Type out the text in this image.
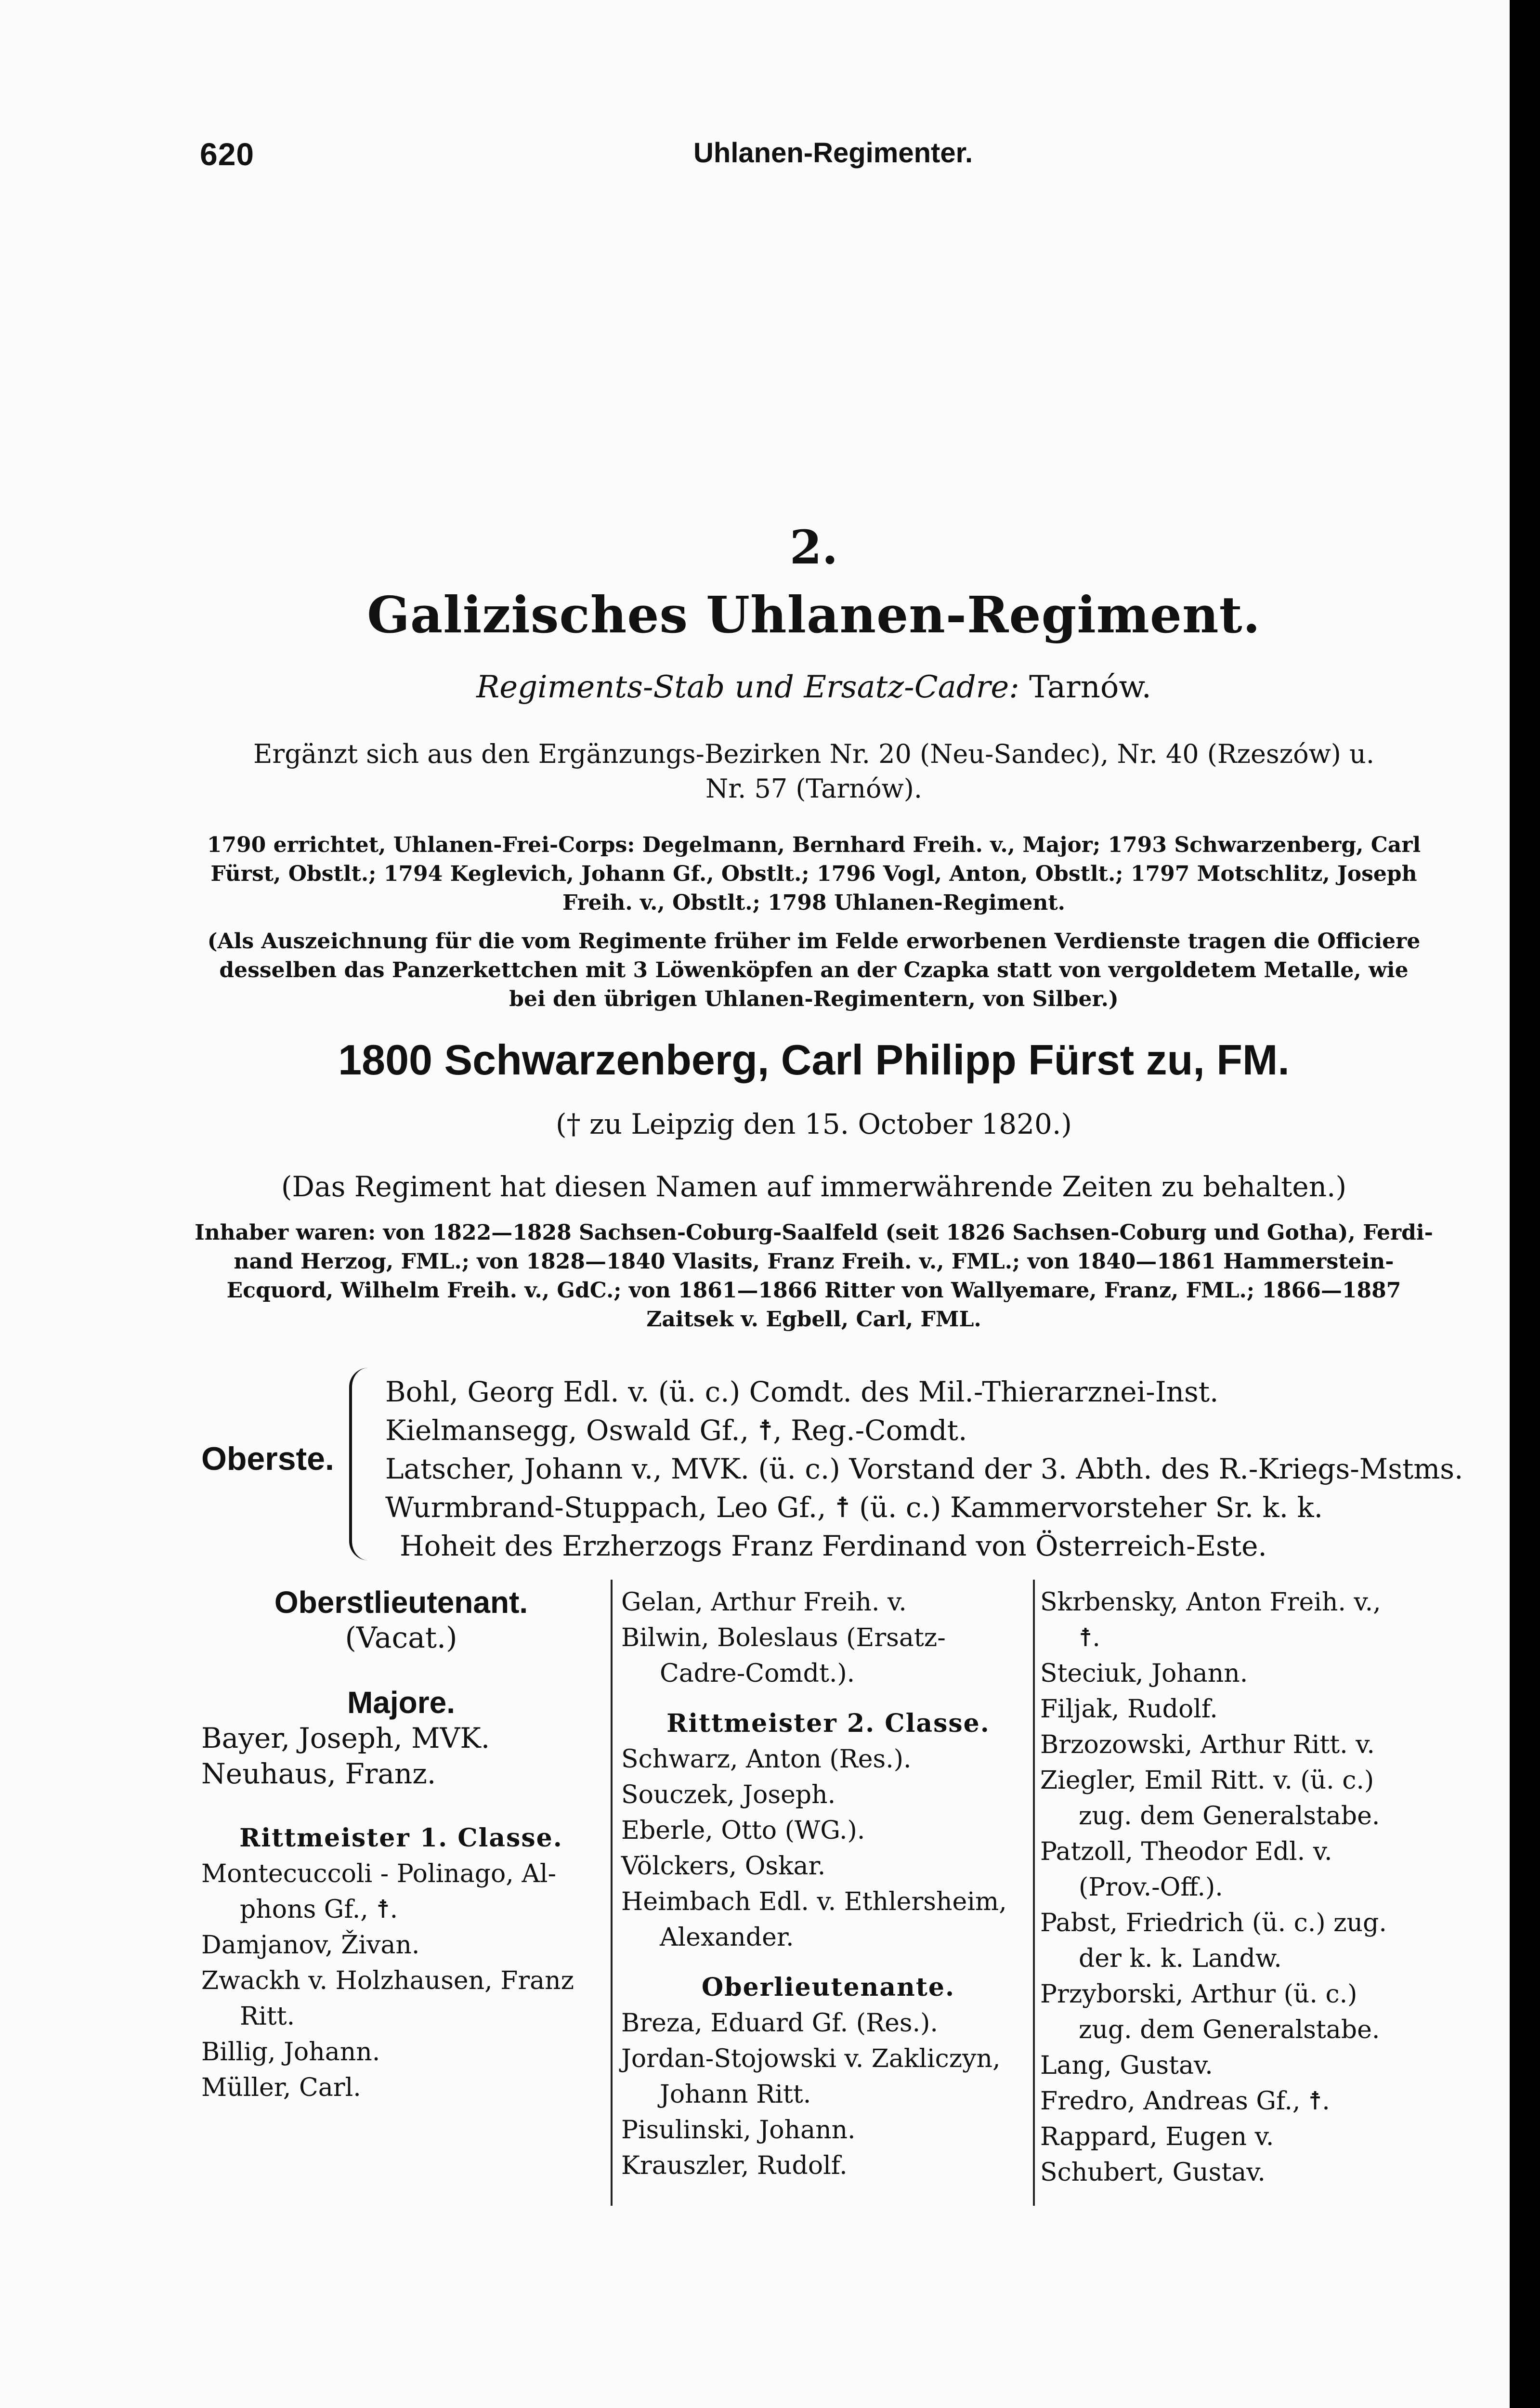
620	Uhlanen-Regimenter.
2.
Galizisches Uhlanen-Regiment.
Regiments-Stab und Ersatz-Cadre: Tarnów.
Ergänzt sich aus den Ergänzungs-Bezirken Nr. 20 (Neu-Sandec), Nr. 40 (Rzeszów) u.
Nr. 57 (Tarnów).
1790 errichtet, Uhlanen-Frei-Corps: Degelmann, Bernhard Freih. v., Major; 1793 Schwarzenberg, Carl
Fürst, Obstlt.; 1794 Keglevich, Johann Gf., Obstlt.; 1796 Vogl, Anton, Obstlt.; 1797 Motschlitz, Joseph
Freih. v., Obstlt.; 1798 Uhlanen-Regiment.
(Als Auszeichnung für die vom Regimente früher im Felde erworbenen Verdienste tragen die Officiere
desselben das Panzerkettchen mit 3 Löwenköpfen an der Czapka statt von vergoldetem Metalle, wie
bei den übrigen Uhlanen-Regimentern, von Silber.)
1800 Schwarzenberg, Carl Philipp Fürst zu, FM.
(† zu Leipzig den 15. October 1820.)
(Das Regiment hat diesen Namen auf immerwährende Zeiten zu behalten.)
Inhaber waren: von 1822—1828 Sachsen-Coburg-Saalfeld (seit 1826 Sachsen-Coburg und Gotha), Ferdi-
nand Herzog, FML.; von 1828—1840 Vlasits, Franz Freih. v., FML.; von 1840—1861 Hammerstein-
Ecquord, Wilhelm Freih. v., GdC.; von 1861—1866 Ritter von Wallyemare, Franz, FML.; 1866—1887
Zaitsek v. Egbell, Carl, FML.
Oberste.
Bohl, Georg Edl. v. (ü. c.) Comdt. des Mil.-Thierarznei-Inst.
Kielmansegg, Oswald Gf., ☨, Reg.-Comdt.
Latscher, Johann v., MVK. (ü. c.) Vorstand der 3. Abth. des R.-Kriegs-Mstms.
Wurmbrand-Stuppach, Leo Gf., ☨ (ü. c.) Kammervorsteher Sr. k. k.
Hoheit des Erzherzogs Franz Ferdinand von Österreich-Este.
Oberstlieutenant.
(Vacat.)
Majore.
Bayer, Joseph, MVK.
Neuhaus, Franz.
Rittmeister 1. Classe.
Montecuccoli - Polinago, Al-
phons Gf., ☨.
Damjanov, Živan.
Zwackh v. Holzhausen, Franz
Ritt.
Billig, Johann.
Müller, Carl.
Gelan, Arthur Freih. v.
Bilwin, Boleslaus (Ersatz-
Cadre-Comdt.).
Rittmeister 2. Classe.
Schwarz, Anton (Res.).
Souczek, Joseph.
Eberle, Otto (WG.).
Völckers, Oskar.
Heimbach Edl. v. Ethlersheim,
Alexander.
Oberlieutenante.
Breza, Eduard Gf. (Res.).
Jordan-Stojowski v. Zakliczyn,
Johann Ritt.
Pisulinski, Johann.
Krauszler, Rudolf.
Skrbensky, Anton Freih. v.,
☨.
Steciuk, Johann.
Filjak, Rudolf.
Brzozowski, Arthur Ritt. v.
Ziegler, Emil Ritt. v. (ü. c.)
zug. dem Generalstabe.
Patzoll, Theodor Edl. v.
(Prov.-Off.).
Pabst, Friedrich (ü. c.) zug.
der k. k. Landw.
Przyborski, Arthur (ü. c.)
zug. dem Generalstabe.
Lang, Gustav.
Fredro, Andreas Gf., ☨.
Rappard, Eugen v.
Schubert, Gustav.
